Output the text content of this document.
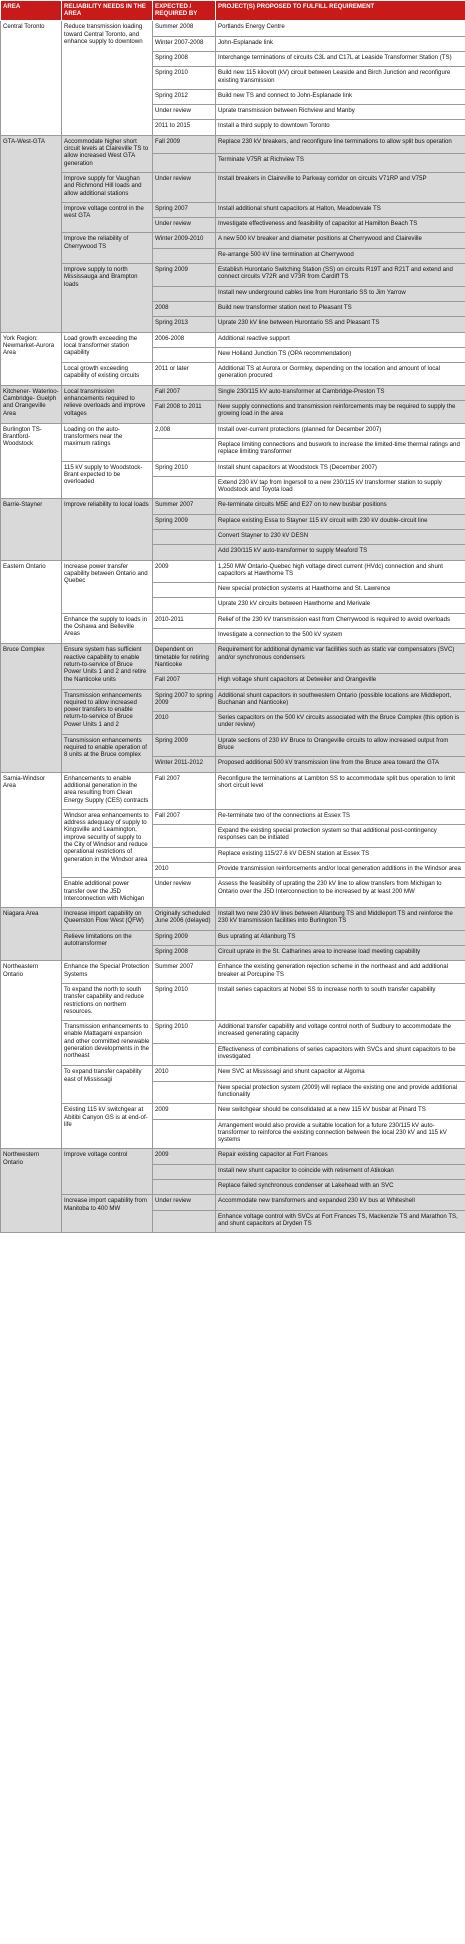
AREA	RELIABILITY NEEDS IN THE AREA	EXPECTED / REQUIRED BY	PROJECT(S) PROPOSED TO FULFILL REQUIREMENT
Central Toronto	Reduce transmission loading toward Central Toronto, and enhance supply to downtown	Summer 2008	Portlands Energy Centre
		Winter 2007-2008	John-Esplanade link
		Spring 2008	Interchange terminations of circuits C3L and C17L at Leaside Transformer Station (TS)
		Spring 2010	Build new 115 kilovolt (kV) circuit between Leaside and Birch Junction and reconfigure existing transmission
		Spring 2012	Build new TS and connect to John-Esplanade link
		Under review	Uprate transmission between Richview and Manby
		2011 to 2015	Install a third supply to downtown Toronto
GTA-West-GTA	Accommodate higher short circuit levels at Claireville TS to allow increased West GTA generation	Fall 2009	Replace 230 kV breakers, and reconfigure line terminations to allow split bus operation
			Terminate V75R at Richview TS
	Improve supply for Vaughan and Richmond Hill loads and allow additional stations	Under review	Install breakers in Claireville to Parkway corridor on circuits V71RP and V75P
	Improve voltage control in the west GTA	Spring 2007	Install additional shunt capacitors at Halton, Meadowvale TS
		Under review	Investigate effectiveness and feasibility of capacitor at Hamilton Beach TS
	Improve the reliability of Cherrywood TS	Winter 2009-2010	A new 500 kV breaker and diameter positions at Cherrywood and Claireville
			Re-arrange 500 kV line termination at Cherrywood
	Improve supply to north Mississauga and Brampton loads	Spring 2009	Establish Hurontario Switching Station (SS) on circuits R19T and R21T and extend and connect circuits V72R and V73R from Cardiff TS
			Install new underground cables line from Hurontario SS to Jim Yarrow
		2008	Build new transformer station next to Pleasant TS
		Spring 2013	Uprate 230 kV line between Hurontario SS and Pleasant TS
York Region: Newmarket-Aurora Area	Load growth exceeding the local transformer station capability	2006-2008	Additional reactive support
			New Holland Junction TS (OPA recommendation)
	Local growth exceeding capability of existing circuits	2011 or later	Additional TS at Aurora or Gormley, depending on the location and amount of local generation procured
Kitchener- Waterloo- Cambridge- Guelph and Orangeville Area	Local transmission enhancements required to relieve overloads and improve voltages	Fall 2007	Single 230/115 kV auto-transformer at Cambridge-Preston TS
		Fall 2008 to 2011	New supply connections and transmission reinforcements may be required to supply the growing load in the area
Burlington TS-Brantford-Woodstock	Loading on the auto-transformers near the maximum ratings	2,008	Install over-current protections (planned for December 2007)
			Replace limiting connections and buswork to increase the limited-time thermal ratings and replace limiting transformer
	115 kV supply to Woodstock-Brant expected to be overloaded	Spring 2010	Install shunt capacitors at Woodstock TS (December 2007)
			Extend 230 kV tap from Ingersoll to a new 230/115 kV transformer station to supply Woodstock and Toyota load
Barrie-Stayner	Improve reliability to local loads	Summer 2007	Re-terminate circuits M5E and E27 on to new busbar positions
		Spring 2009	Replace existing Essa to Stayner 115 kV circuit with 230 kV double-circuit line
			Convert Stayner to 230 kV DESN
			Add 230/115 kV auto-transformer to supply Meaford TS
Eastern Ontario	Increase power transfer capability between Ontario and Quebec	2009	1,250 MW Ontario-Quebec high voltage direct current (HVdc) connection and shunt capacitors at Hawthorne TS
			New special protection systems at Hawthorne and St. Lawrence
			Uprate 230 kV circuits between Hawthorne and Merivale
	Enhance the supply to loads in the Oshawa and Belleville Areas	2010-2011	Relief of the 230 kV transmission east from Cherrywood is required to avoid overloads
			Investigate a connection to the 500 kV system
Bruce Complex	Ensure system has sufficient reactive capability to enable return-to-service of Bruce Power Units 1 and 2 and retire the Nanticoke units	Dependent on timetable for retiring Nanticoke	Requirement for additional dynamic var facilities such as static var compensators (SVC) and/or synchronous condensers
		Fall 2007	High voltage shunt capacitors at Detweiler and Orangeville
	Transmission enhancements required to allow increased power transfers to enable return-to-service of Bruce Power Units 1 and 2	Spring 2007 to spring 2009	Additional shunt capacitors in southwestern Ontario (possible locations are Middleport, Buchanan and Nanticoke)
		2010	Series capacitors on the 500 kV circuits associated with the Bruce Complex (this option is under review)
	Transmission enhancements required to enable operation of 8 units at the Bruce complex	Spring 2009	Uprate sections of 230 kV Bruce to Orangeville circuits to allow increased output from Bruce
		Winter 2011-2012	Proposed additional 500 kV transmission line from the Bruce area toward the GTA
Sarnia-Windsor Area	Enhancements to enable additional generation in the area resulting from Clean Energy Supply (CES) contracts	Fall 2007	Reconfigure the terminations at Lambton SS to accommodate split bus operation to limit short circuit level
	Windsor area enhancements to address adequacy of supply to Kingsville and Leamington, improve security of supply to the City of Windsor and reduce operational restrictions of generation in the Windsor area	Fall 2007	Re-terminate two of the connections at Essex TS
			Expand the existing special protection system so that additional post-contingency responses can be initiated
			Replace existing 115/27.6 kV DESN station at Essex TS
		2010	Provide transmission reinforcements and/or local generation additions in the Windsor area
	Enable additional power transfer over the J5D Interconnection with Michigan	Under review	Assess the feasibility of uprating the 230 kV line to allow transfers from Michigan to Ontario over the J5D Interconnection to be increased by at least 200 MW
Niagara Area	Increase import capability on Queenston Flow West (QFW)	Originally scheduled June 2006 (delayed)	Install two new 230 kV lines between Allanburg TS and Middleport TS and reinforce the 230 kV transmission facilities into Burlington TS
	Relieve limitations on the autotransformer	Spring 2009	Bus uprating at Allanburg TS
		Spring 2008	Circuit uprate in the St. Catharines area to increase load meeting capability
Northeastern Ontario	Enhance the Special Protection Systems	Summer 2007	Enhance the existing generation rejection scheme in the northeast and add additional breaker at Porcupine TS
	To expand the north to south transfer capability and reduce restrictions on northern resources.	Spring 2010	Install series capacitors at Nobel SS to increase north to south transfer capability
	Transmission enhancements to enable Mattagami expansion and other committed renewable generation developments in the northeast	Spring 2010	Additional transfer capability and voltage control north of Sudbury to accommodate the increased generating capacity
			Effectiveness of combinations of series capacitors with SVCs and shunt capacitors to be investigated
	To expand transfer capability east of Mississagi	2010	New SVC at Mississagi and shunt capacitor at Algoma
			New special protection system (2009) will replace the existing one and provide additional functionality
	Existing 115 kV switchgear at Abitibi Canyon GS is at end-of-life	2009	New switchgear should be consolidated at a new 115 kV busbar at Pinard TS
			Arrangement would also provide a suitable location for a future 230/115 kV auto-transformer to reinforce the existing connection between the local 230 kV and 115 kV systems
Northwestern Ontario	Improve voltage control	2009	Repair existing capacitor at Fort Frances
			Install new shunt capacitor to coincide with retirement of Atikokan
			Replace failed synchronous condenser at Lakehead with an SVC
	Increase import capability from Manitoba to 400 MW	Under review	Accommodate new transformers and expanded 230 kV bus at Whiteshell
			Enhance voltage control with SVCs at Fort Frances TS, Mackenzie TS and Marathon TS, and shunt capacitors at Dryden TS
